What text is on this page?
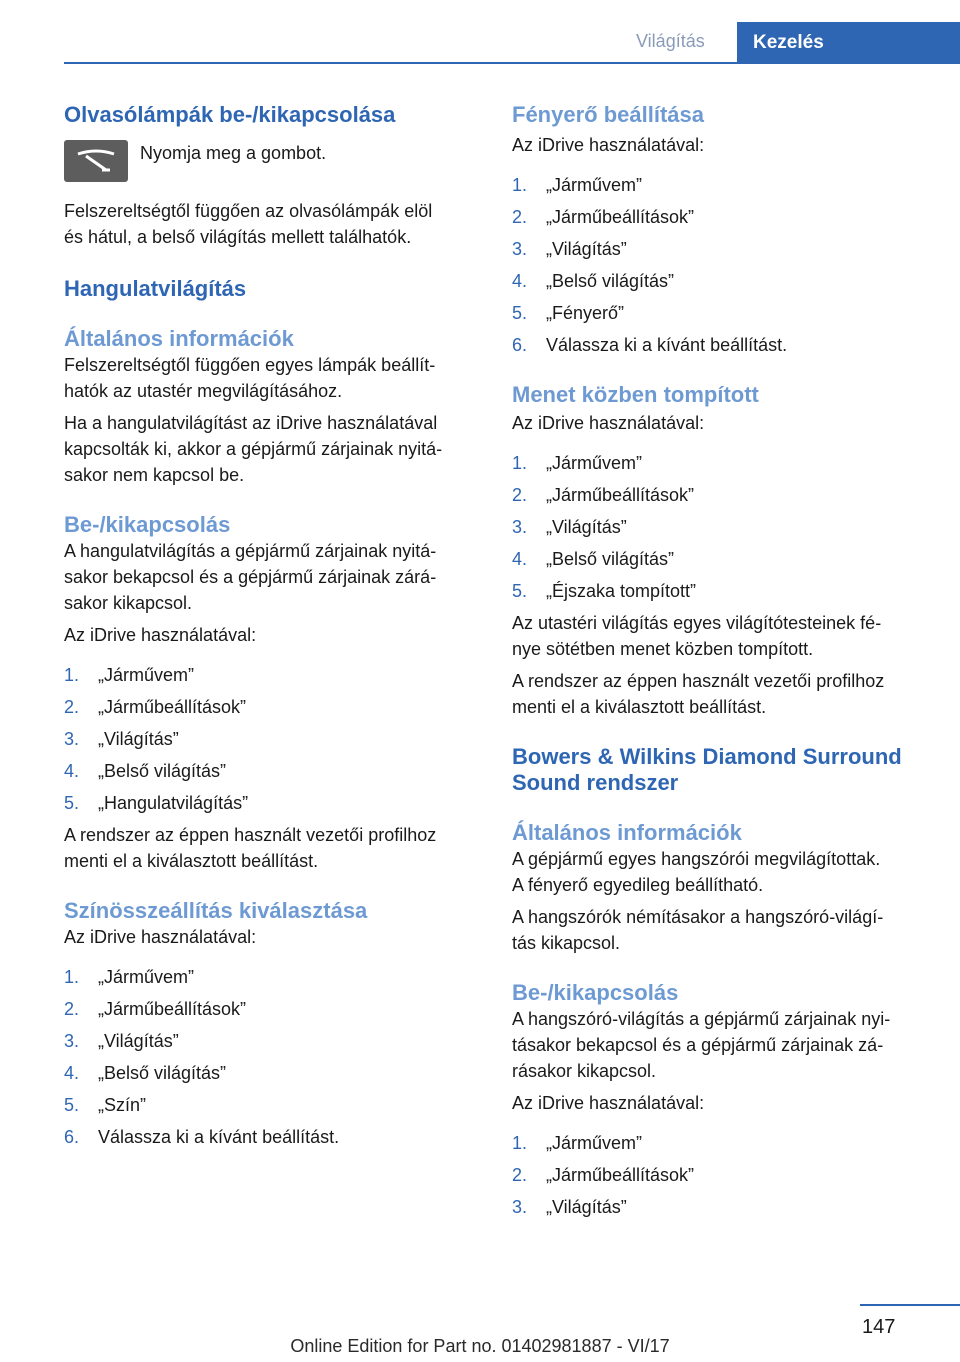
Világítás	Kezelés
Olvasólámpák be-/kikapcsolása

Nyomja meg a gombot.

Felszereltségtől függően az olvasólámpák elöl
és hátul, a belső világítás mellett találhatók.

Hangulatvilágítás
Általános információk

Felszereltségtől függően egyes lámpák beállít‐
hatók az utastér megvilágításához.

Ha a hangulatvilágítást az iDrive használatával
kapcsolták ki, akkor a gépjármű zárjainak nyitá‐
sakor nem kapcsol be.

Be-/kikapcsolás

A hangulatvilágítás a gépjármű zárjainak nyitá‐
sakor bekapcsol és a gépjármű zárjainak zárá‐
sakor kikapcsol.

Az iDrive használatával:

1. „Járművem”
2. „Járműbeállítások”
3. „Világítás”
4. „Belső világítás”
5. „Hangulatvilágítás”

A rendszer az éppen használt vezetői profilhoz
menti el a kiválasztott beállítást.

Színösszeállítás kiválasztása

Az iDrive használatával:

1. „Járművem”
2. „Járműbeállítások”
3. „Világítás”
4. „Belső világítás”
5. „Szín”
6. Válassza ki a kívánt beállítást.
Fényerő beállítása

Az iDrive használatával:

1. „Járművem”
2. „Járműbeállítások”
3. „Világítás”
4. „Belső világítás”
5. „Fényerő”
6. Válassza ki a kívánt beállítást.
Menet közben tompított

Az iDrive használatával:

1. „Járművem”
2. „Járműbeállítások”
3. „Világítás”
4. „Belső világítás”
5. „Éjszaka tompított”

Az utastéri világítás egyes világítótesteinek fé‐
nye sötétben menet közben tompított.

A rendszer az éppen használt vezetői profilhoz
menti el a kiválasztott beállítást.

Bowers & Wilkins Diamond Surround
Sound rendszer
Általános információk

A gépjármű egyes hangszórói megvilágítottak.
A fényerő egyedileg beállítható.

A hangszórók némításakor a hangszóró-világí‐
tás kikapcsol.

Be-/kikapcsolás

A hangszóró-világítás a gépjármű zárjainak nyi‐
tásakor bekapcsol és a gépjármű zárjainak zá‐
rásakor kikapcsol.

Az iDrive használatával:

1. „Járművem”
2. „Járműbeállítások”
3. „Világítás”
147
Online Edition for Part no. 01402981887 - VI/17
